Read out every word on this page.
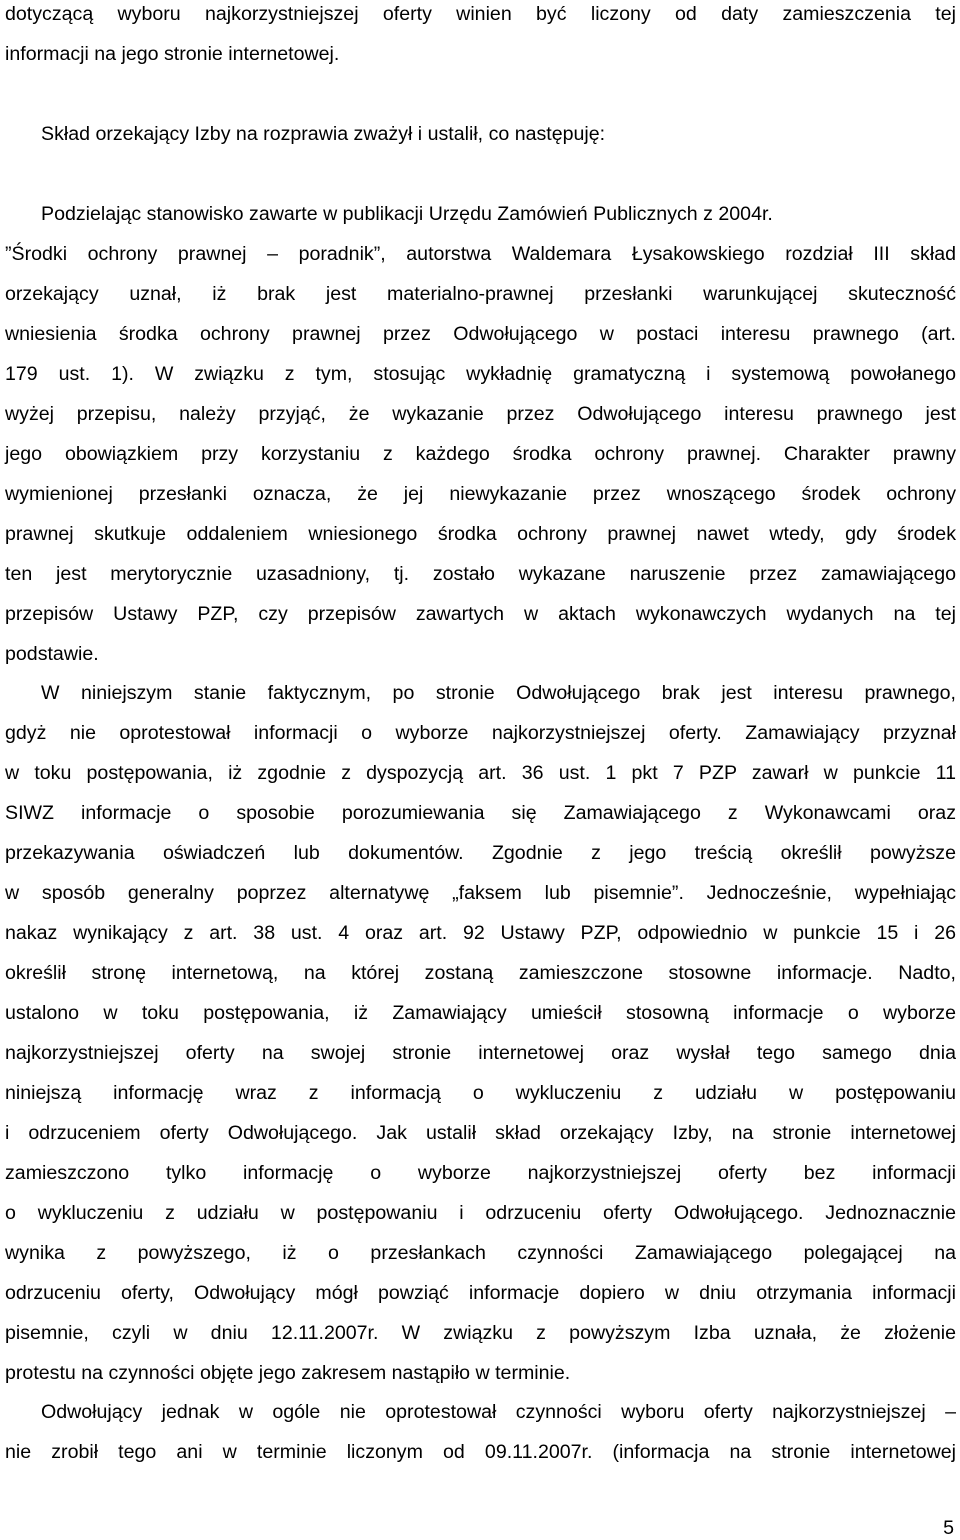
dotyczącą wyboru najkorzystniejszej oferty winien być liczony od daty zamieszczenia tej
informacji na jego stronie internetowej.
Skład orzekający Izby na rozprawia zważył i ustalił, co następuję:
Podzielając stanowisko zawarte w publikacji Urzędu Zamówień Publicznych z 2004r.
”Środki ochrony prawnej – poradnik”, autorstwa Waldemara Łysakowskiego rozdział III skład
orzekający uznał, iż brak jest materialno-prawnej przesłanki warunkującej skuteczność
wniesienia środka ochrony prawnej przez Odwołującego w postaci interesu prawnego (art.
179 ust. 1). W związku z tym, stosując wykładnię gramatyczną i systemową powołanego
wyżej przepisu, należy przyjąć, że wykazanie przez Odwołującego interesu prawnego jest
jego obowiązkiem przy korzystaniu z każdego środka ochrony prawnej. Charakter prawny
wymienionej przesłanki oznacza, że jej niewykazanie przez wnoszącego środek ochrony
prawnej skutkuje oddaleniem wniesionego środka ochrony prawnej nawet wtedy, gdy środek
ten jest merytorycznie uzasadniony, tj. zostało wykazane naruszenie przez zamawiającego
przepisów Ustawy PZP, czy przepisów zawartych w aktach wykonawczych wydanych na tej
podstawie.
W niniejszym stanie faktycznym, po stronie Odwołującego brak jest interesu prawnego,
gdyż nie oprotestował informacji o wyborze najkorzystniejszej oferty. Zamawiający przyznał
w toku postępowania, iż zgodnie z dyspozycją art. 36 ust. 1 pkt 7 PZP zawarł w punkcie 11
SIWZ informacje o sposobie porozumiewania się Zamawiającego z Wykonawcami oraz
przekazywania oświadczeń lub dokumentów. Zgodnie z jego treścią określił powyższe
w sposób generalny poprzez alternatywę „faksem lub pisemnie”. Jednocześnie, wypełniając
nakaz wynikający z art. 38 ust. 4 oraz art. 92 Ustawy PZP, odpowiednio w punkcie 15 i 26
określił stronę internetową, na której zostaną zamieszczone stosowne informacje. Nadto,
ustalono w toku postępowania, iż Zamawiający umieścił stosowną informacje o wyborze
najkorzystniejszej oferty na swojej stronie internetowej oraz wysłał tego samego dnia
niniejszą informację wraz z informacją o wykluczeniu z udziału w postępowaniu
i odrzuceniem oferty Odwołującego. Jak ustalił skład orzekający Izby, na stronie internetowej
zamieszczono tylko informację o wyborze najkorzystniejszej oferty bez informacji
o wykluczeniu z udziału w postępowaniu i odrzuceniu oferty Odwołującego. Jednoznacznie
wynika z powyższego, iż o przesłankach czynności Zamawiającego polegającej na
odrzuceniu oferty, Odwołujący mógł powziąć informacje dopiero w dniu otrzymania informacji
pisemnie, czyli w dniu 12.11.2007r. W związku z powyższym Izba uznała, że złożenie
protestu na czynności objęte jego zakresem nastąpiło w terminie.
Odwołujący jednak w ogóle nie oprotestował czynności wyboru oferty najkorzystniejszej –
nie zrobił tego ani w terminie liczonym od 09.11.2007r. (informacja na stronie internetowej
5
